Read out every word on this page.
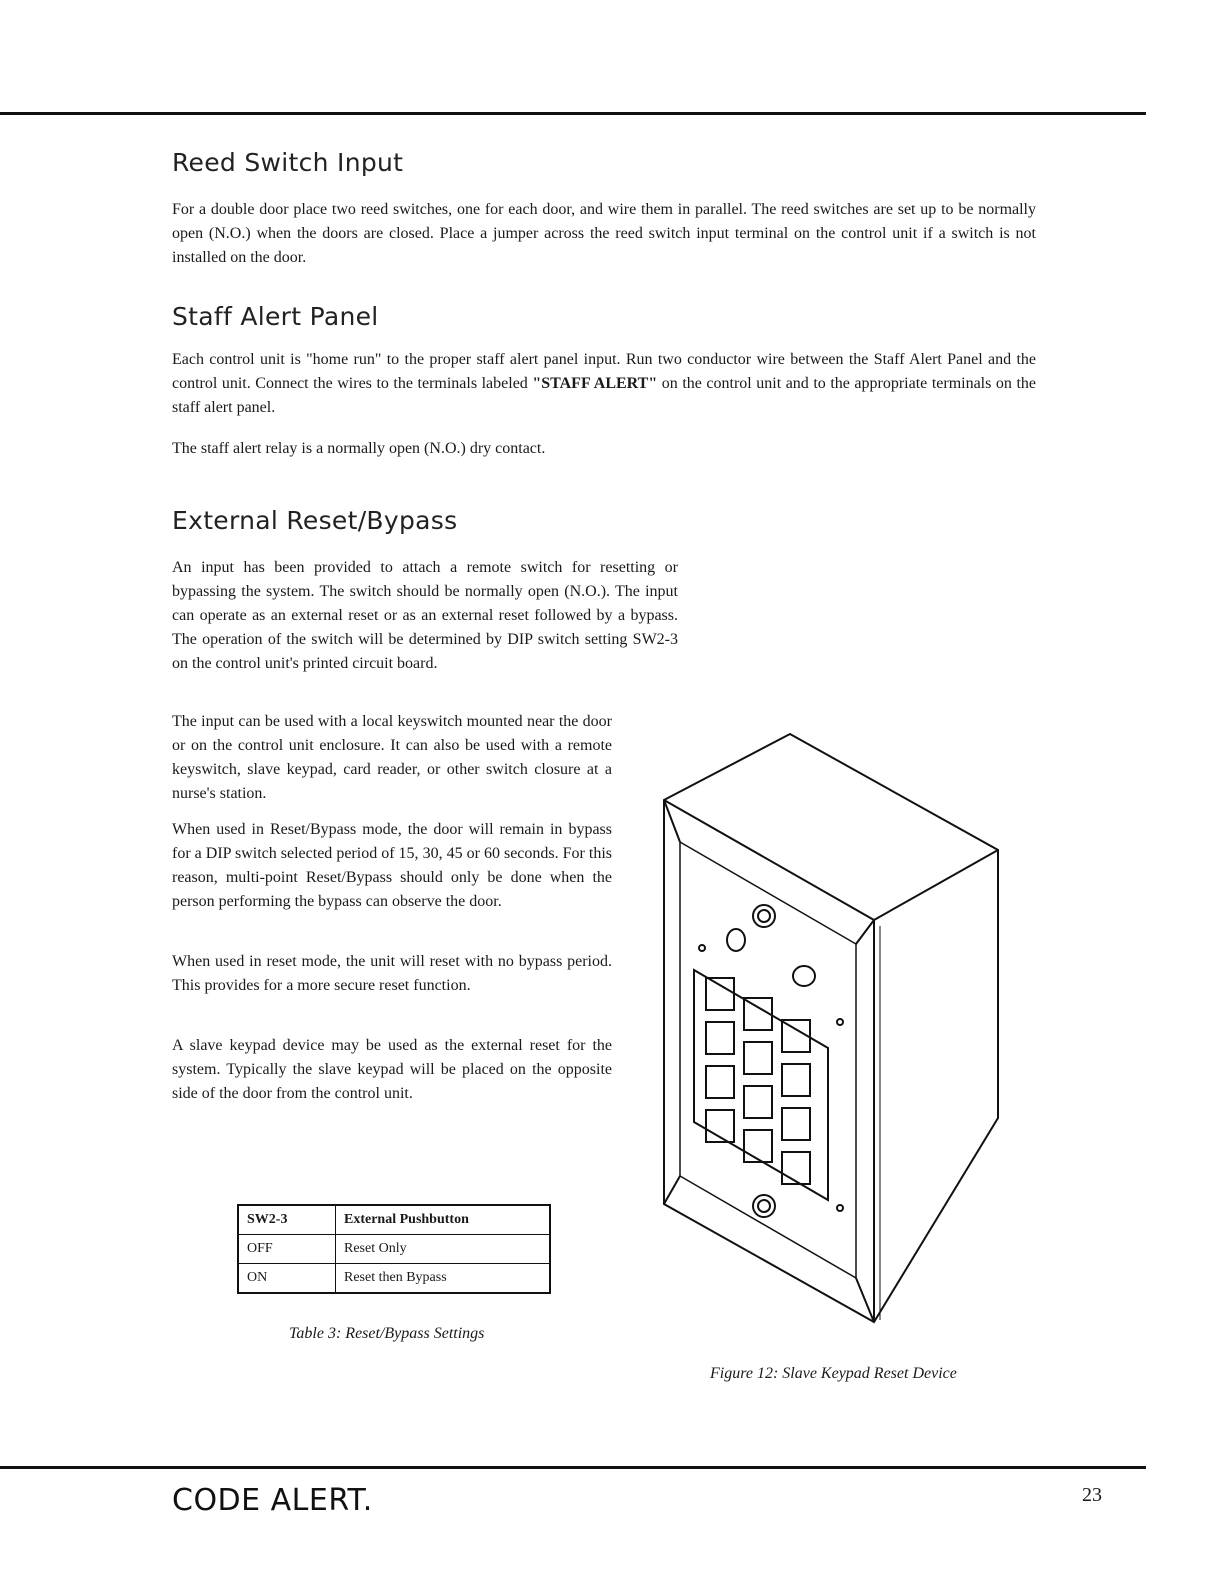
Reed Switch Input

For a double door place two reed switches, one for each door, and wire them in parallel. The reed switches are set up to be normally open (N.O.) when the doors are closed. Place a jumper across the reed switch input terminal on the control unit if a switch is not installed on the door.

Staff Alert Panel

Each control unit is "home run" to the proper staff alert panel input. Run two conductor wire between the Staff Alert Panel and the control unit. Connect the wires to the terminals labeled "STAFF ALERT" on the control unit and to the appropriate terminals on the staff alert panel.

The staff alert relay is a normally open (N.O.) dry contact.

External Reset/Bypass

An input has been provided to attach a remote switch for resetting or bypassing the system. The switch should be normally open (N.O.). The input can operate as an external reset or as an external reset followed by a bypass. The operation of the switch will be determined by DIP switch setting SW2-3 on the control unit's printed circuit board.

The input can be used with a local keyswitch mounted near the door or on the control unit enclosure. It can also be used with a remote keyswitch, slave keypad, card reader, or other switch closure at a nurse's station.

When used in Reset/Bypass mode, the door will remain in bypass for a DIP switch selected period of 15, 30, 45 or 60 seconds. For this reason, multi-point Reset/Bypass should only be done when the person performing the bypass can observe the door.

When used in reset mode, the unit will reset with no bypass period. This provides for a more secure reset function.

A slave keypad device may be used as the external reset for the system. Typically the slave keypad will be placed on the opposite side of the door from the control unit.

SW2-3	External Pushbutton
OFF	Reset Only
ON	Reset then Bypass

Table 3: Reset/Bypass Settings

Figure 12: Slave Keypad Reset Device

CODE ALERT.	23
